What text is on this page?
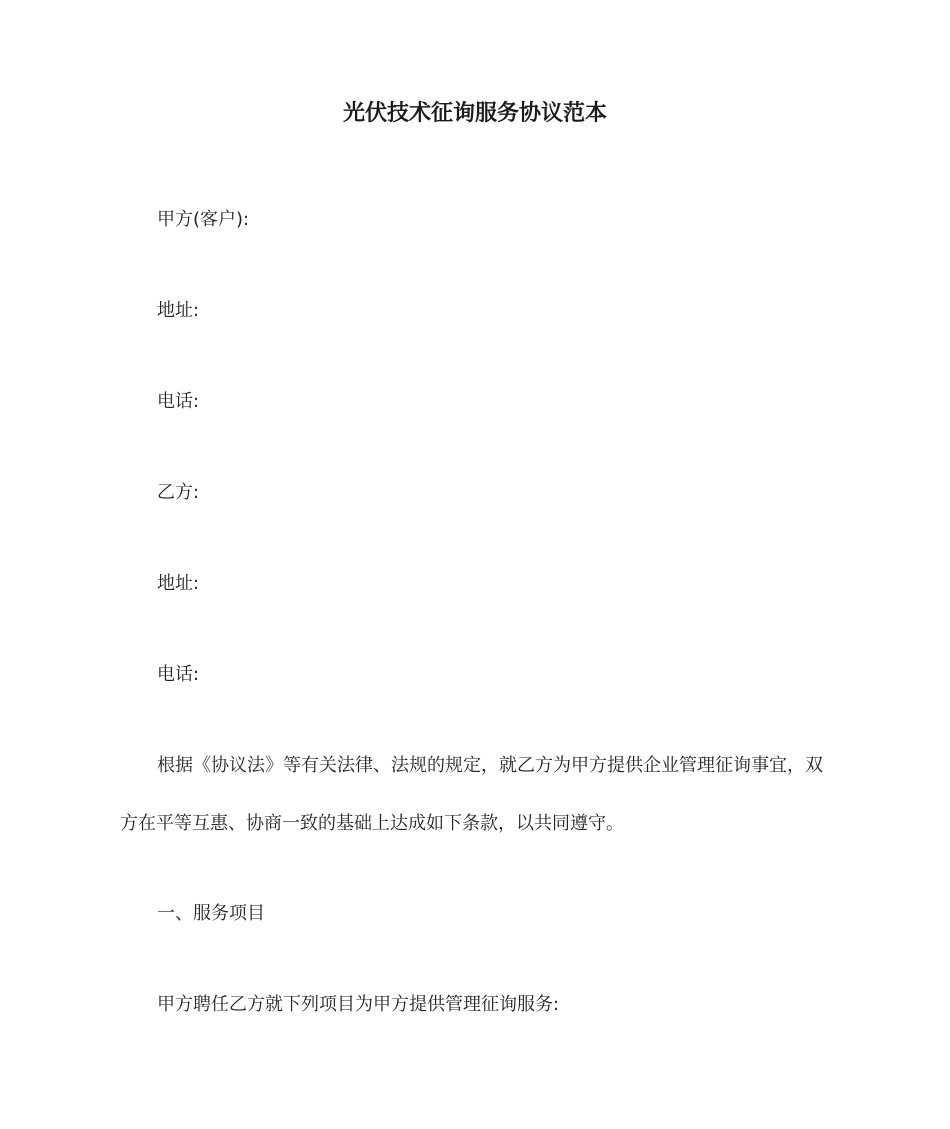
光伏技术征询服务协议范本
甲方(客户):
地址:
电话:
乙方:
地址:
电话:
根据《协议法》等有关法律、法规的规定，就乙方为甲方提供企业管理征询事宜，双
方在平等互惠、协商一致的基础上达成如下条款，以共同遵守。
一、服务项目
甲方聘任乙方就下列项目为甲方提供管理征询服务:
